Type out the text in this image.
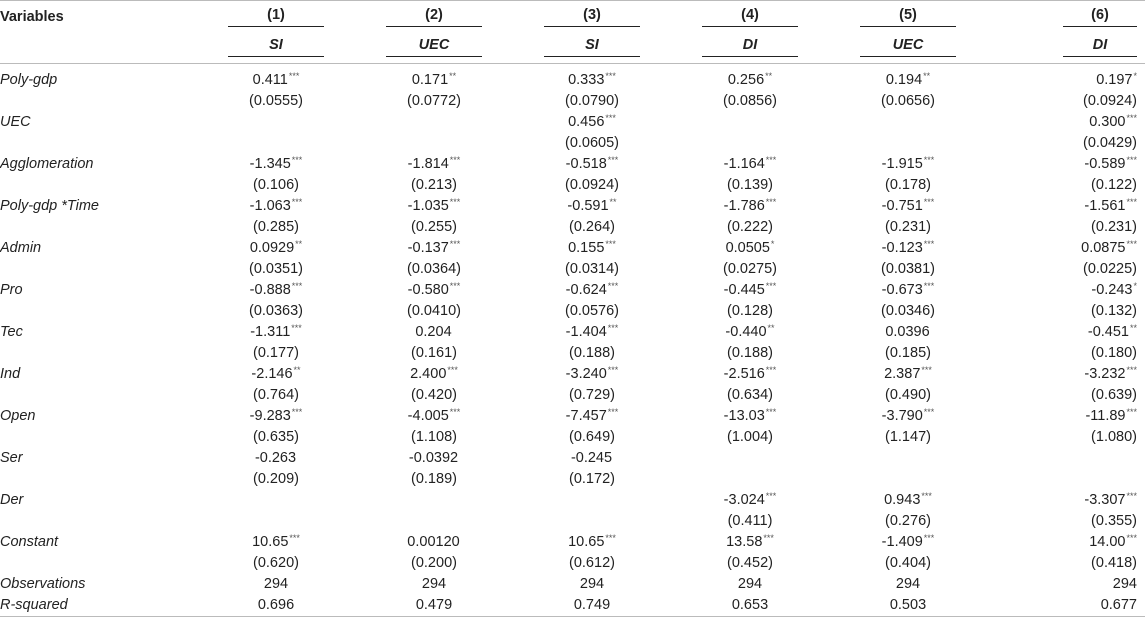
Variables	(1)	(2)	(3)	(4)	(5)	(6)
	SI	UEC	SI	DI	UEC	DI

Poly-gdp	0.411***	0.171**	0.333***	0.256**	0.194**	0.197*
	(0.0555)	(0.0772)	(0.0790)	(0.0856)	(0.0656)	(0.0924)
UEC			0.456***			0.300***
			(0.0605)			(0.0429)
Agglomeration	-1.345***	-1.814***	-0.518***	-1.164***	-1.915***	-0.589***
	(0.106)	(0.213)	(0.0924)	(0.139)	(0.178)	(0.122)
Poly-gdp *Time	-1.063***	-1.035***	-0.591**	-1.786***	-0.751***	-1.561***
	(0.285)	(0.255)	(0.264)	(0.222)	(0.231)	(0.231)
Admin	0.0929**	-0.137***	0.155***	0.0505*	-0.123***	0.0875***
	(0.0351)	(0.0364)	(0.0314)	(0.0275)	(0.0381)	(0.0225)
Pro	-0.888***	-0.580***	-0.624***	-0.445***	-0.673***	-0.243*
	(0.0363)	(0.0410)	(0.0576)	(0.128)	(0.0346)	(0.132)
Tec	-1.311***	0.204	-1.404***	-0.440**	0.0396	-0.451**
	(0.177)	(0.161)	(0.188)	(0.188)	(0.185)	(0.180)
Ind	-2.146**	2.400***	-3.240***	-2.516***	2.387***	-3.232***
	(0.764)	(0.420)	(0.729)	(0.634)	(0.490)	(0.639)
Open	-9.283***	-4.005***	-7.457***	-13.03***	-3.790***	-11.89***
	(0.635)	(1.108)	(0.649)	(1.004)	(1.147)	(1.080)
Ser	-0.263	-0.0392	-0.245			
	(0.209)	(0.189)	(0.172)			
Der				-3.024***	0.943***	-3.307***
				(0.411)	(0.276)	(0.355)
Constant	10.65***	0.00120	10.65***	13.58***	-1.409***	14.00***
	(0.620)	(0.200)	(0.612)	(0.452)	(0.404)	(0.418)
Observations	294	294	294	294	294	294
R-squared	0.696	0.479	0.749	0.653	0.503	0.677
